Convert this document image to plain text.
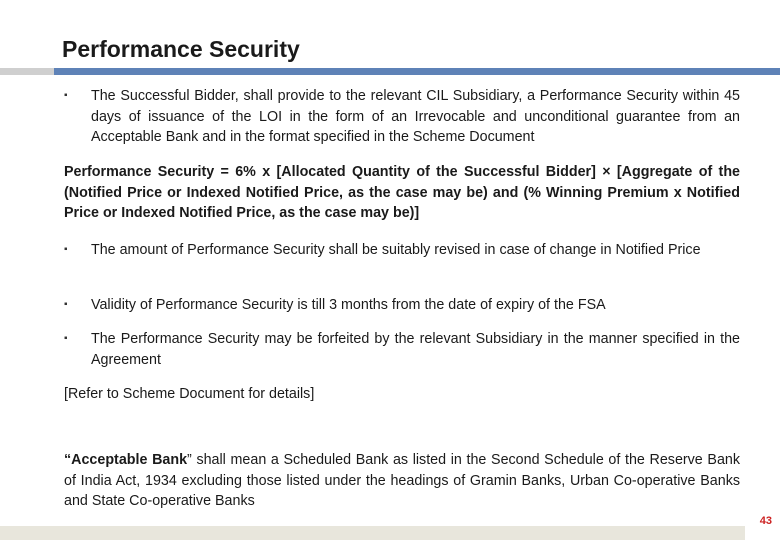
Performance Security
▪ The Successful Bidder, shall provide to the relevant CIL Subsidiary, a Performance Security within 45 days of issuance of the LOI in the form of an Irrevocable and unconditional guarantee from an Acceptable Bank and in the format specified in the Scheme Document
Performance Security = 6% x [Allocated Quantity of the Successful Bidder] × [Aggregate of the (Notified Price or Indexed Notified Price, as the case may be) and (% Winning Premium x Notified Price or Indexed Notified Price, as the case may be)]
▪ The amount of Performance Security shall be suitably revised in case of change in Notified Price
▪ Validity of Performance Security is till 3 months from the date of expiry of the FSA
▪ The Performance Security may be forfeited by the relevant Subsidiary in the manner specified in the Agreement
[Refer to Scheme Document for details]
“Acceptable Bank” shall mean a Scheduled Bank as listed in the Second Schedule of the Reserve Bank of India Act, 1934 excluding those listed under the headings of Gramin Banks, Urban Co-operative Banks and State Co-operative Banks
43
